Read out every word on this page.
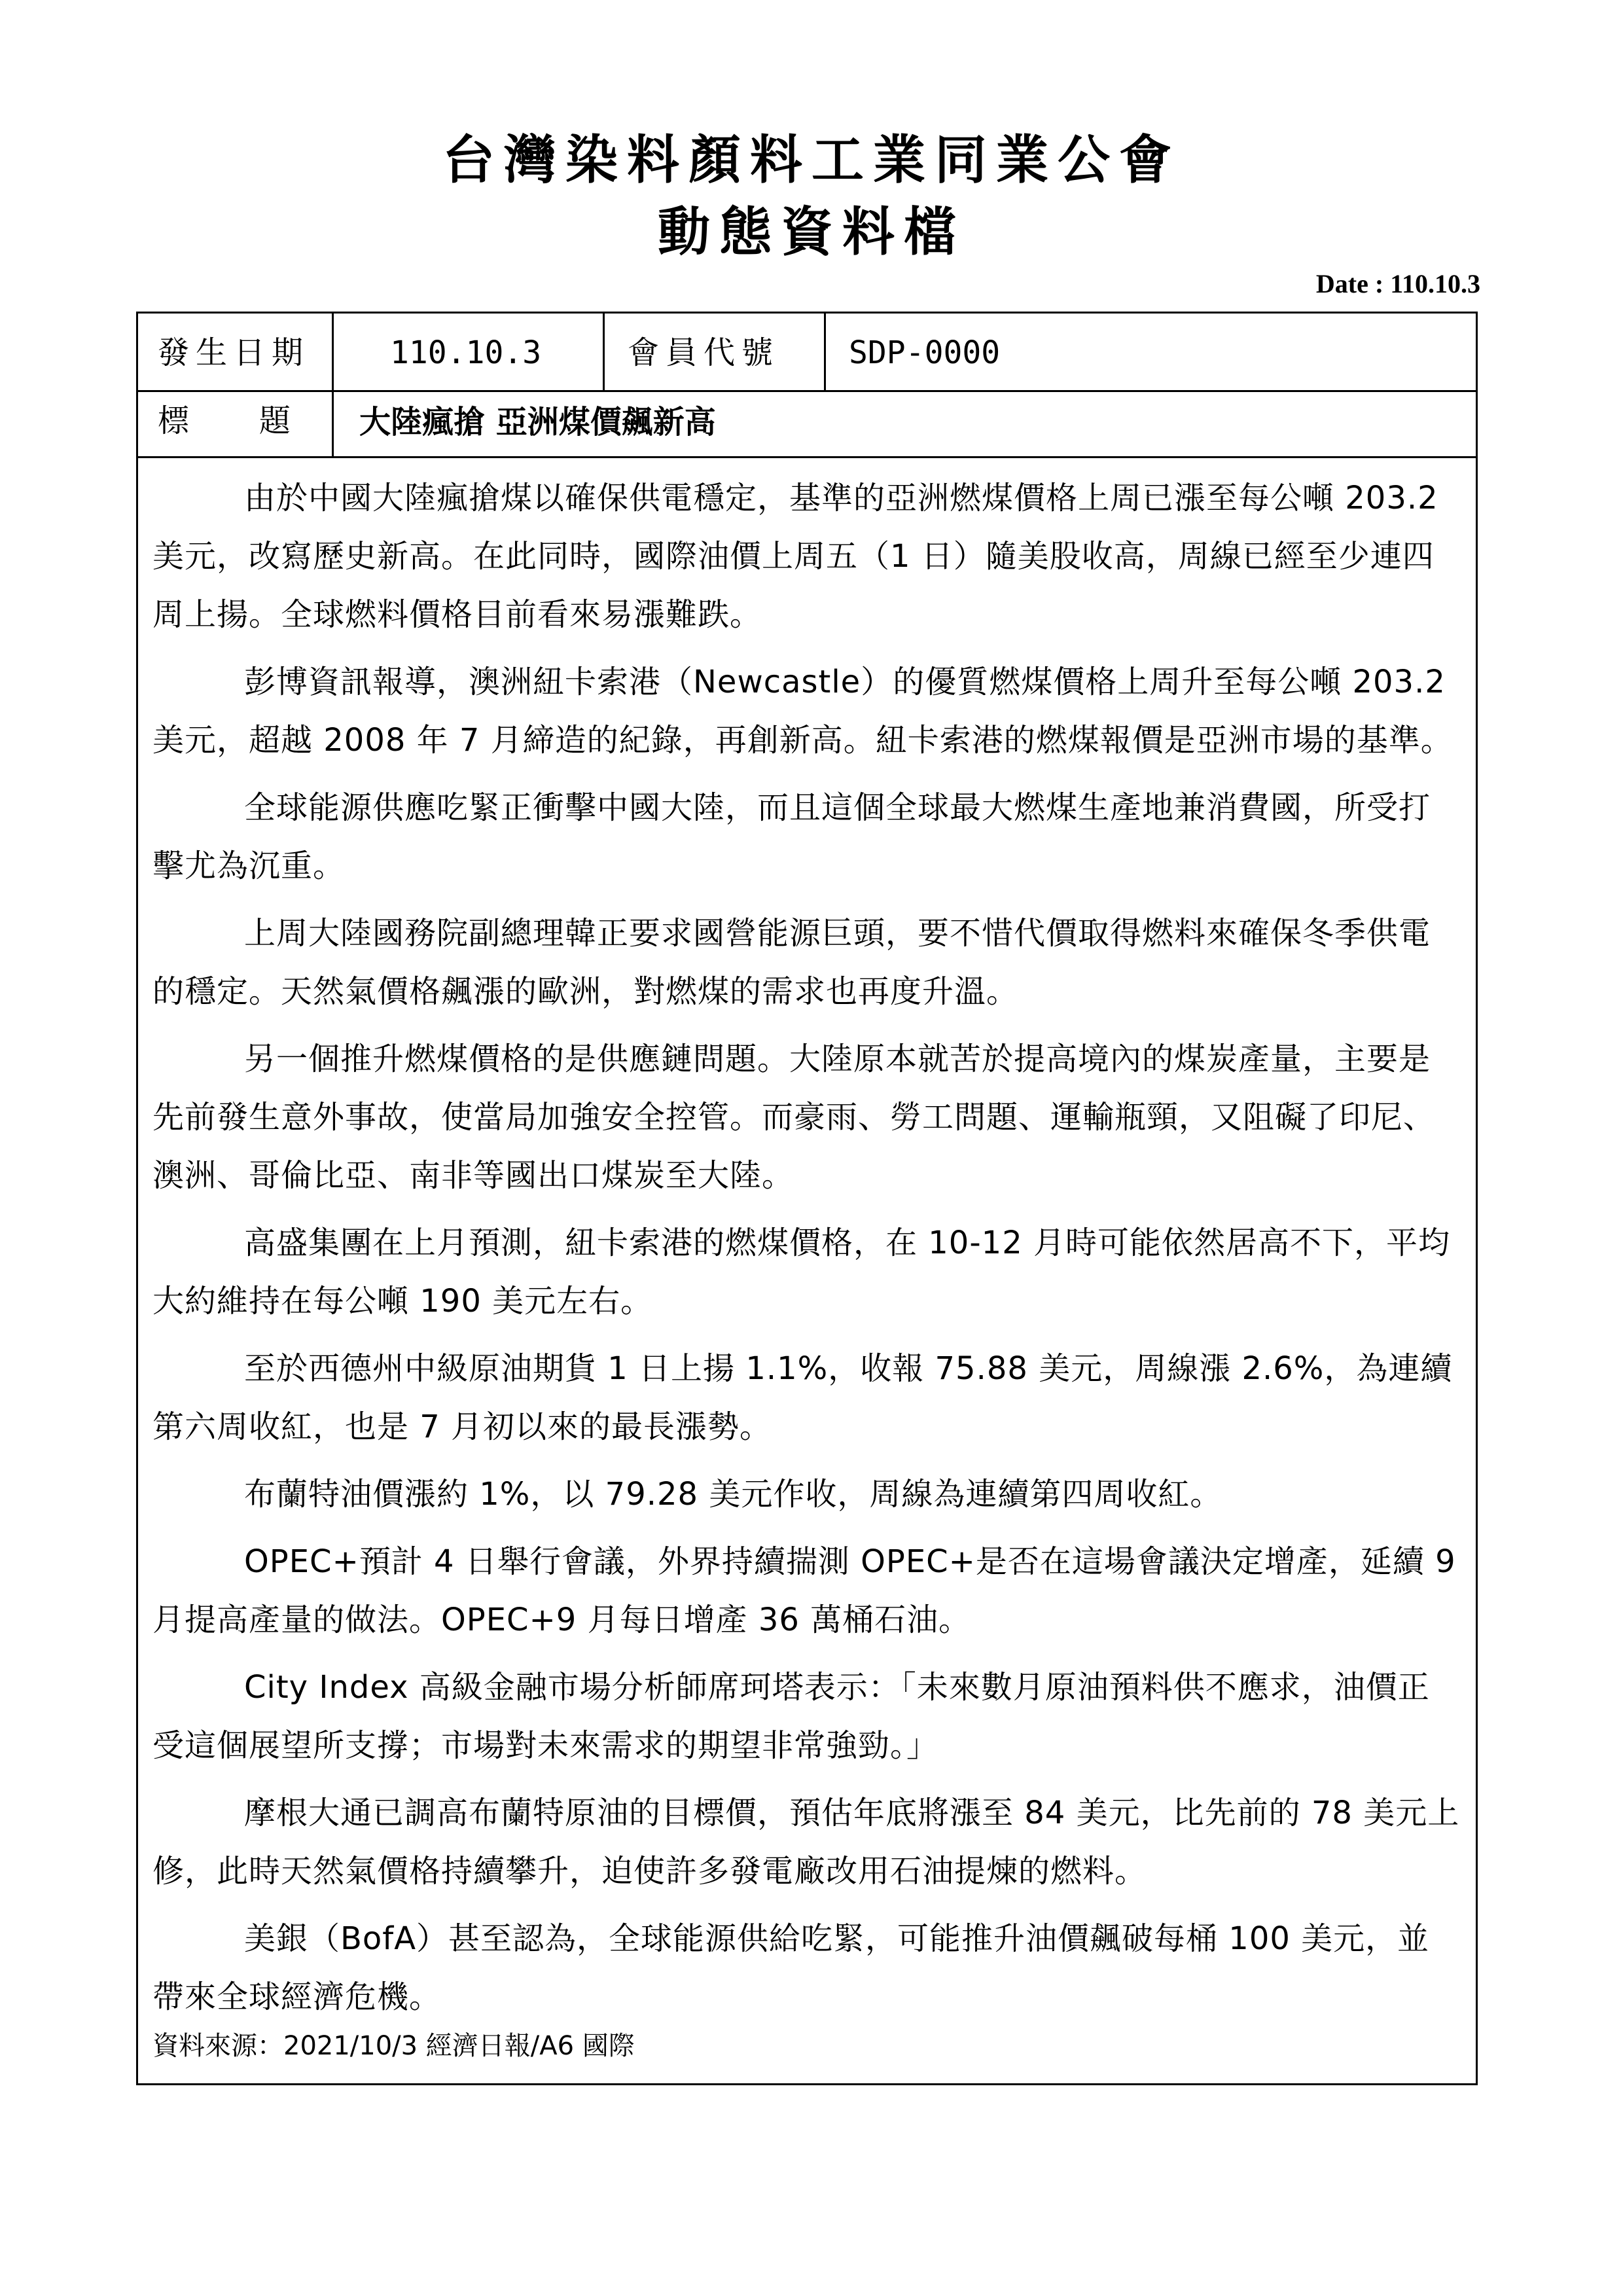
台灣染料顏料工業同業公會
動態資料檔
Date : 110.10.3
發生日期	110.10.3	會員代號 SDP-0000
標　 題 大陸瘋搶 亞洲煤價飆新高

由於中國大陸瘋搶煤以確保供電穩定，基準的亞洲燃煤價格上周已漲至每公噸 203.2 美元，改寫歷史新高。在此同時，國際油價上周五（1 日）隨美股收高，周線已經至少連四周上揚。全球燃料價格目前看來易漲難跌。

彭博資訊報導，澳洲紐卡索港（Newcastle）的優質燃煤價格上周升至每公噸 203.2 美元，超越 2008 年 7 月締造的紀錄，再創新高。紐卡索港的燃煤報價是亞洲市場的基準。

全球能源供應吃緊正衝擊中國大陸，而且這個全球最大燃煤生產地兼消費國，所受打擊尤為沉重。

上周大陸國務院副總理韓正要求國營能源巨頭，要不惜代價取得燃料來確保冬季供電的穩定。天然氣價格飆漲的歐洲，對燃煤的需求也再度升溫。

另一個推升燃煤價格的是供應鏈問題。大陸原本就苦於提高境內的煤炭產量，主要是先前發生意外事故，使當局加強安全控管。而豪雨、勞工問題、運輸瓶頸，又阻礙了印尼、澳洲、哥倫比亞、南非等國出口煤炭至大陸。

高盛集團在上月預測，紐卡索港的燃煤價格，在 10-12 月時可能依然居高不下，平均大約維持在每公噸 190 美元左右。

至於西德州中級原油期貨 1 日上揚 1.1%，收報 75.88 美元，周線漲 2.6%，為連續第六周收紅，也是 7 月初以來的最長漲勢。

布蘭特油價漲約 1%，以 79.28 美元作收，周線為連續第四周收紅。

OPEC+預計 4 日舉行會議，外界持續揣測 OPEC+是否在這場會議決定增產，延續 9 月提高產量的做法。OPEC+9 月每日增產 36 萬桶石油。

City Index 高級金融市場分析師席珂塔表示：「未來數月原油預料供不應求，油價正受這個展望所支撐；市場對未來需求的期望非常強勁。」

摩根大通已調高布蘭特原油的目標價，預估年底將漲至 84 美元，比先前的 78 美元上修，此時天然氣價格持續攀升，迫使許多發電廠改用石油提煉的燃料。

美銀（BofA）甚至認為，全球能源供給吃緊，可能推升油價飆破每桶 100 美元，並帶來全球經濟危機。

資料來源：2021/10/3 經濟日報/A6 國際
